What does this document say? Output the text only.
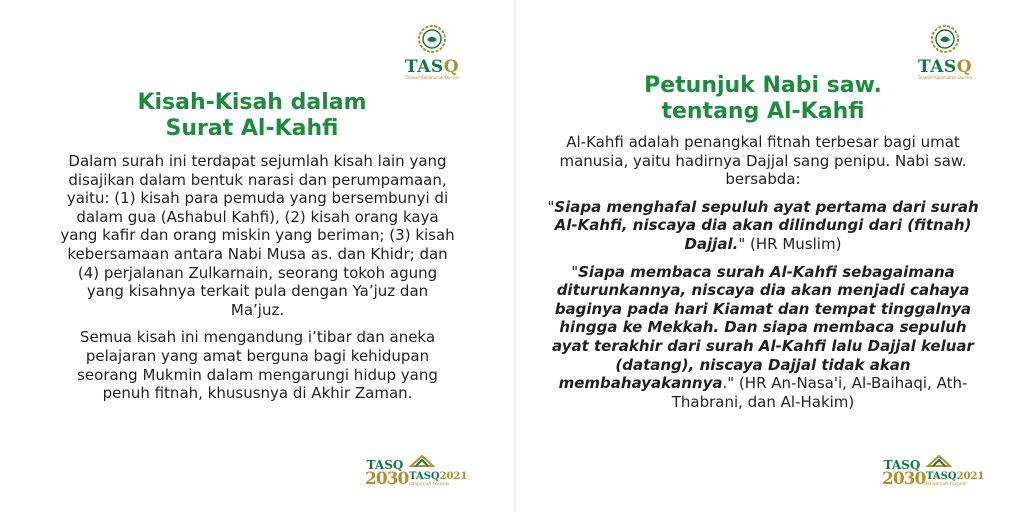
TASQ
Tilawah Kalamullah Qur'ani
Kisah-Kisah dalam
Surat Al-Kahfi

Dalam surah ini terdapat sejumlah kisah lain yang disajikan dalam bentuk narasi dan perumpamaan, yaitu: (1) kisah para pemuda yang bersembunyi di dalam gua (Ashabul Kahfi), (2) kisah orang kaya yang kafir dan orang miskin yang beriman; (3) kisah kebersamaan antara Nabi Musa as. dan Khidr; dan (4) perjalanan Zulkarnain, seorang tokoh agung yang kisahnya terkait pula dengan Ya’juz dan Ma’juz.

Semua kisah ini mengandung i’tibar dan aneka pelajaran yang amat berguna bagi kehidupan seorang Mukmin dalam mengarungi hidup yang penuh fitnah, khususnya di Akhir Zaman.

TASQ
2030 TASQ2021
Istiqomah Forever
TASQ
Tilawah Kalamullah Qur'ani
Petunjuk Nabi saw.
tentang Al-Kahfi

Al-Kahfi adalah penangkal fitnah terbesar bagi umat manusia, yaitu hadirnya Dajjal sang penipu. Nabi saw. bersabda:

"Siapa menghafal sepuluh ayat pertama dari surah Al-Kahfi, niscaya dia akan dilindungi dari (fitnah) Dajjal." (HR Muslim)

"Siapa membaca surah Al-Kahfi sebagaimana diturunkannya, niscaya dia akan menjadi cahaya baginya pada hari Kiamat dan tempat tinggalnya hingga ke Mekkah. Dan siapa membaca sepuluh ayat terakhir dari surah Al-Kahfi lalu Dajjal keluar (datang), niscaya Dajjal tidak akan membahayakannya." (HR An-Nasa'i, Al-Baihaqi, Ath-Thabrani, dan Al-Hakim)

TASQ
2030 TASQ2021
Istiqomah Forever
